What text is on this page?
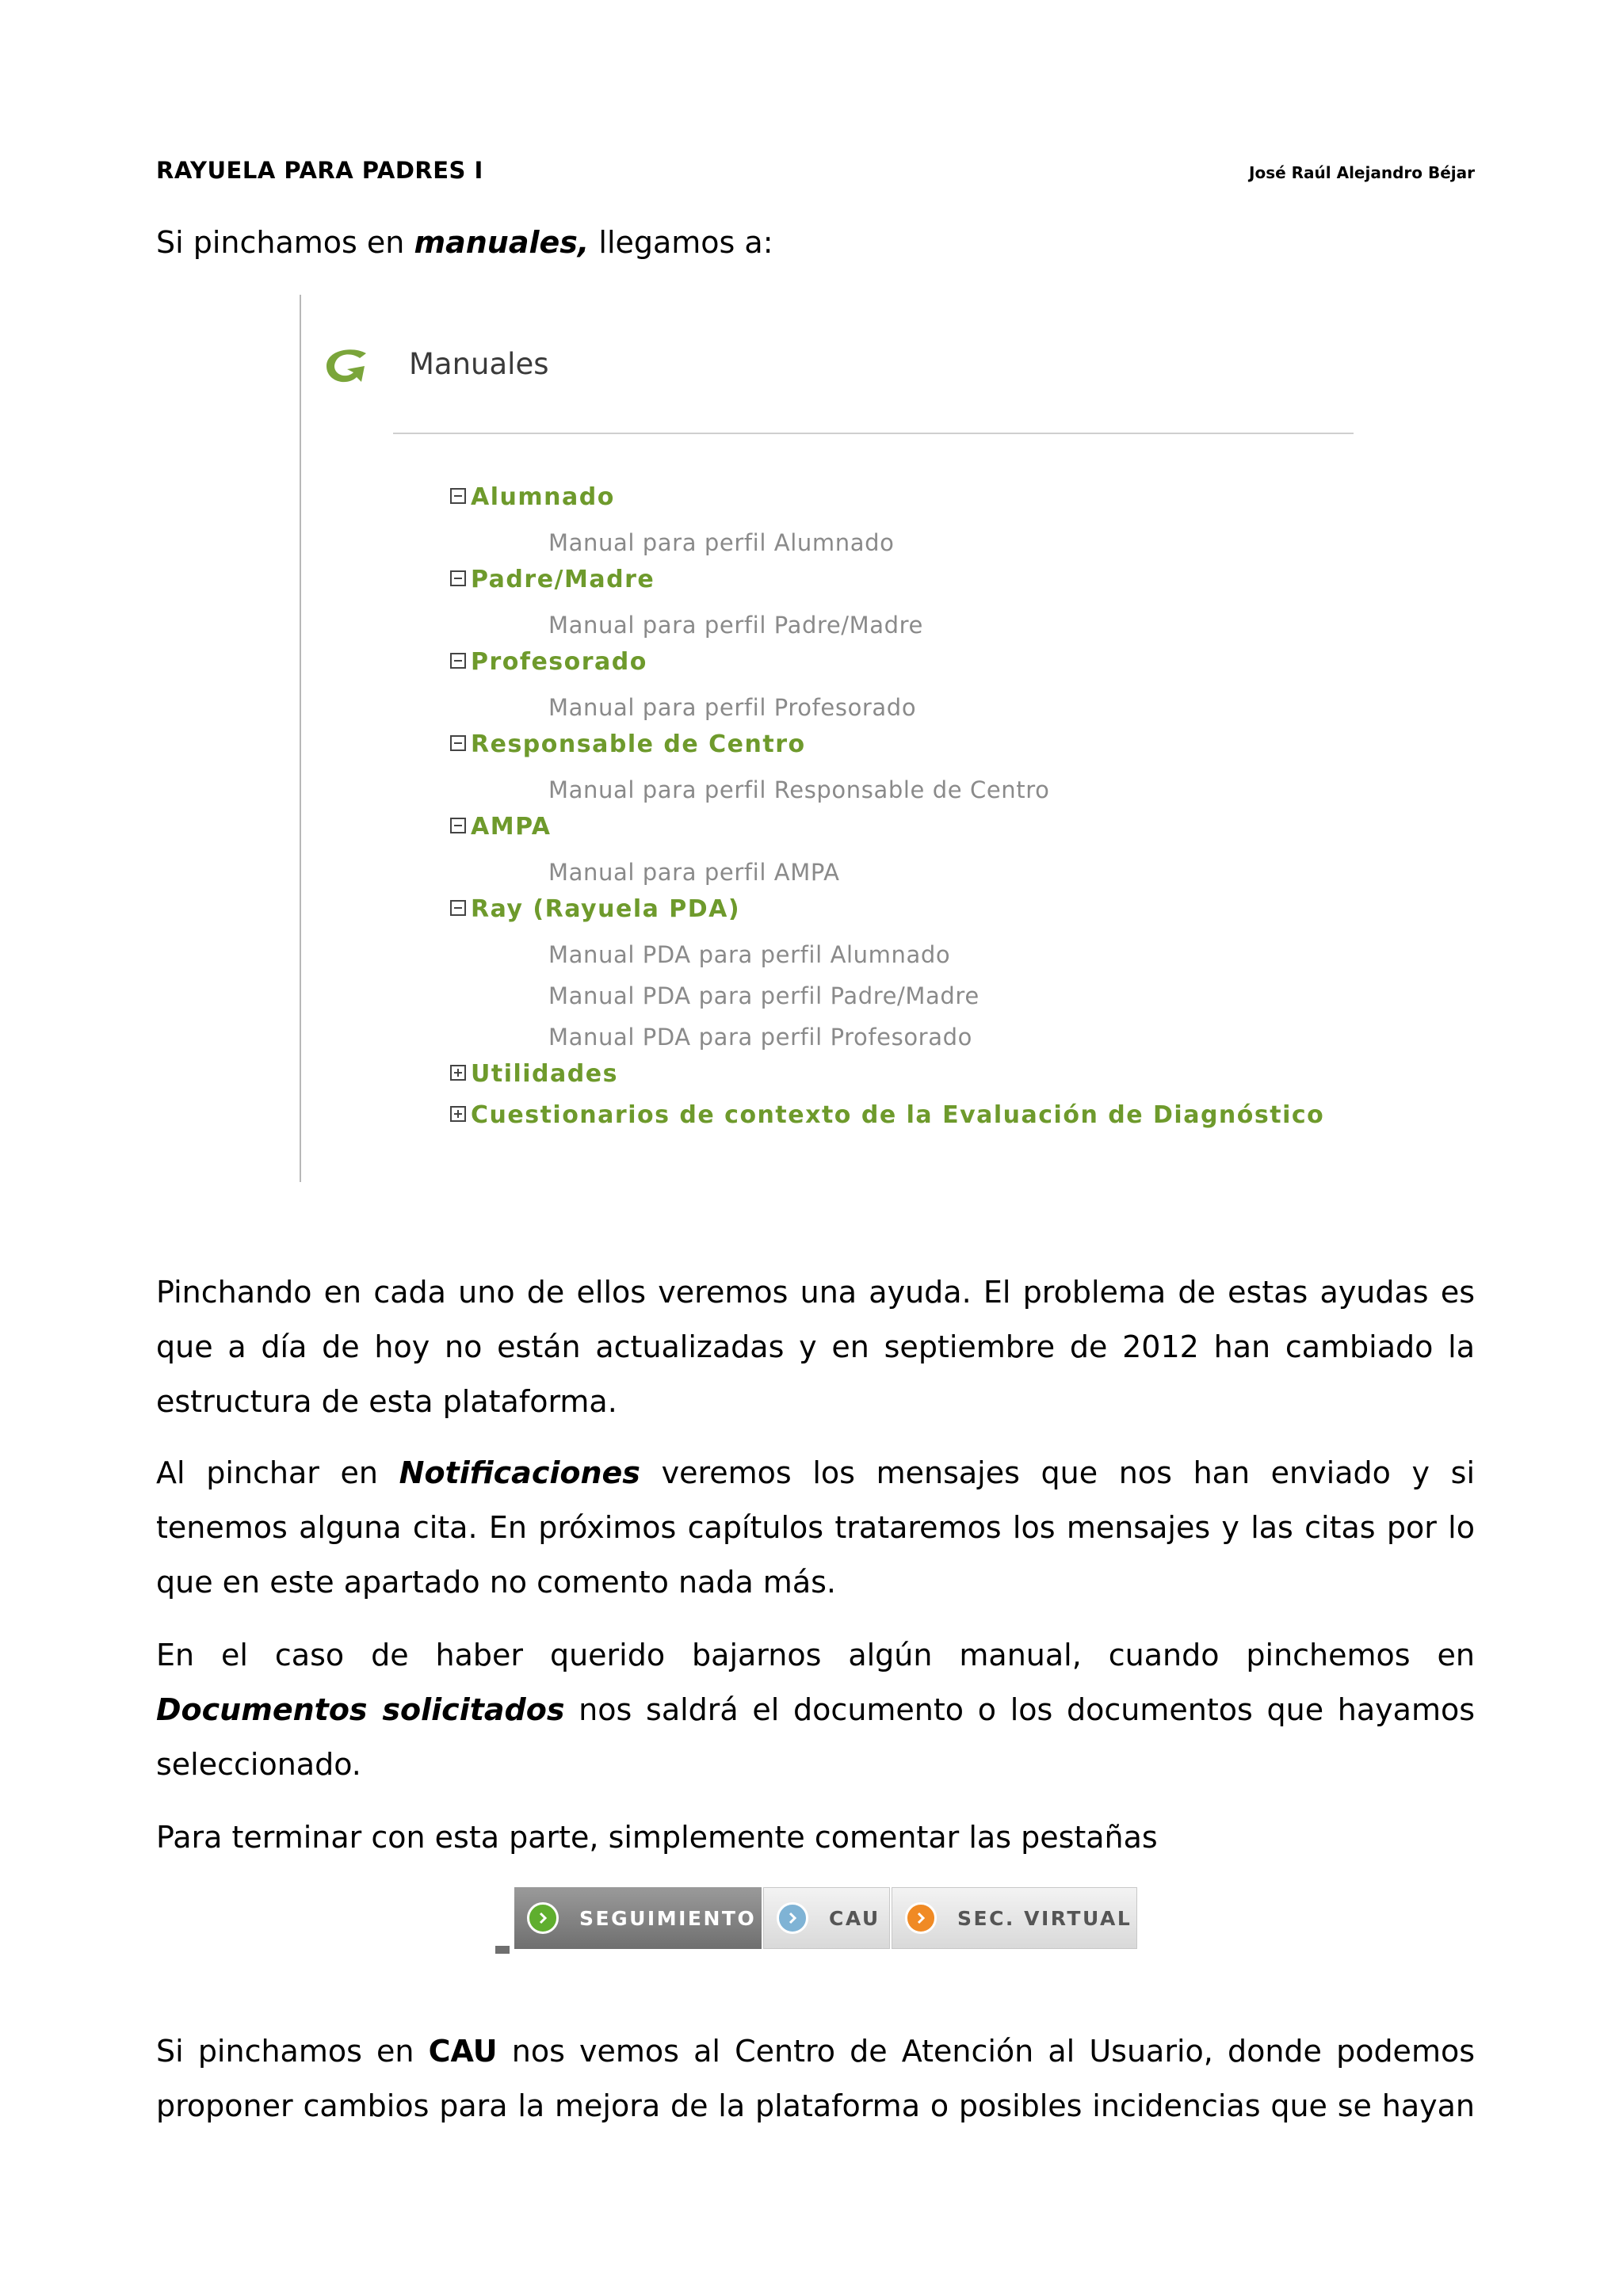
RAYUELA PARA PADRES I	José Raúl Alejandro Béjar

Si pinchamos en manuales, llegamos a:

Manuales
Alumnado
Manual para perfil Alumnado
Padre/Madre
Manual para perfil Padre/Madre
Profesorado
Manual para perfil Profesorado
Responsable de Centro
Manual para perfil Responsable de Centro
AMPA
Manual para perfil AMPA
Ray (Rayuela PDA)
Manual PDA para perfil Alumnado
Manual PDA para perfil Padre/Madre
Manual PDA para perfil Profesorado
Utilidades
Cuestionarios de contexto de la Evaluación de Diagnóstico
Pinchando en cada uno de ellos veremos una ayuda. El problema de estas ayudas es
que a día de hoy no están actualizadas y en septiembre de 2012 han cambiado la
estructura de esta plataforma.
Al pinchar en Notificaciones veremos los mensajes que nos han enviado y si
tenemos alguna cita. En próximos capítulos trataremos los mensajes y las citas por lo
que en este apartado no comento nada más.
En el caso de haber querido bajarnos algún manual, cuando pinchemos en
Documentos solicitados nos saldrá el documento o los documentos que hayamos
seleccionado.
Para terminar con esta parte, simplemente comentar las pestañas
SEGUIMIENTO	CAU	SEC. VIRTUAL
Si pinchamos en CAU nos vemos al Centro de Atención al Usuario, donde podemos
proponer cambios para la mejora de la plataforma o posibles incidencias que se hayan
